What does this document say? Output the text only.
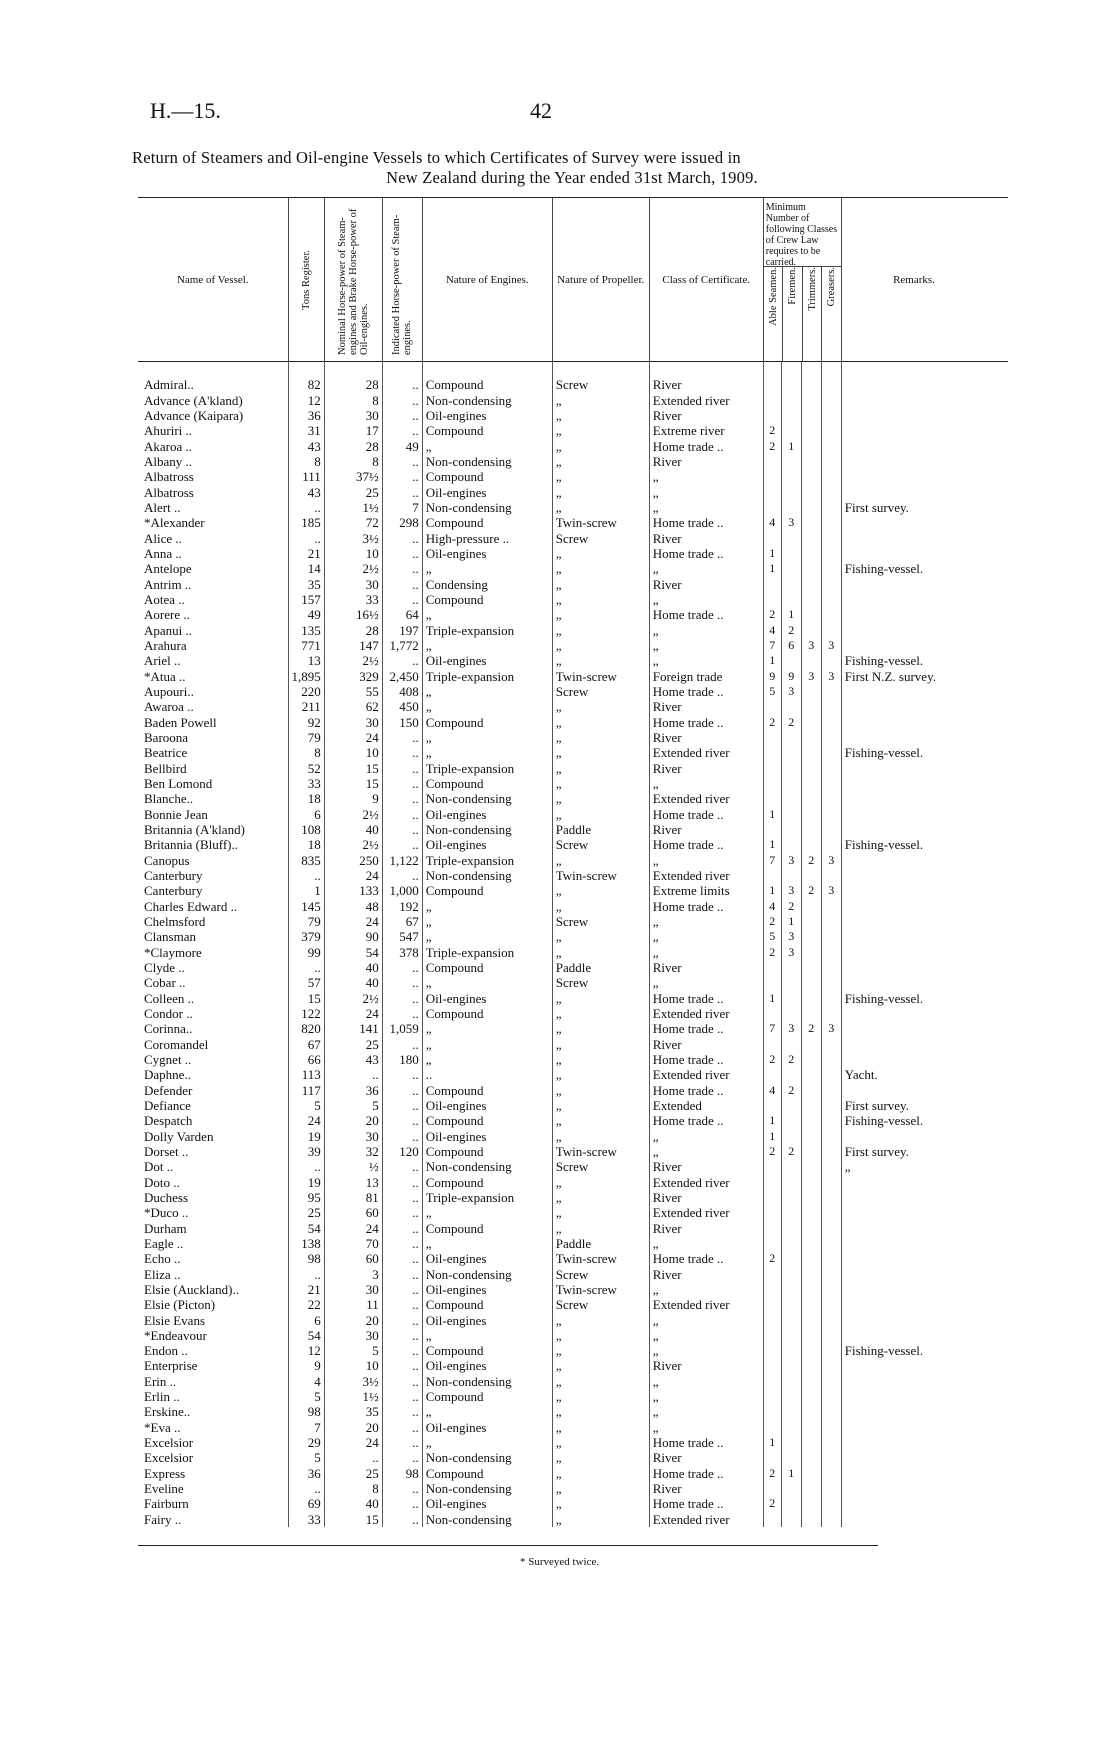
H.—15.	42
Return of Steamers and Oil-engine Vessels to which Certificates of Survey were issued in
New Zealand during the Year ended 31st March, 1909.
Name of Vessel.	Tons Register.	Nominal Horse-power of Steam-engines and Brake Horse-power of Oil-engines.	Indicated Horse-power of Steam-engines.	Nature of Engines.	Nature of Propeller.	Class of Certificate.	Minimum Number of following Classes of Crew Law requires to be carried.
Able Seamen. Firemen. Trimmers. Greasers.				Remarks.

Admiral..	82	28	..	Compound	Screw	River					
Advance (A'kland)	12	8	..	Non-condensing	„	Extended river					
Advance (Kaipara)	36	30	..	Oil-engines	„	River					
Ahuriri ..	31	17	..	Compound	„	Extreme river	2				
Akaroa ..	43	28	49	„	„	Home trade ..	2	1			
Albany ..	8	8	..	Non-condensing	„	River					
Albatross	111	37½	..	Compound	„	„					
Albatross	43	25	..	Oil-engines	„	„					
Alert ..	..	1½	7	Non-condensing	„	„					First survey.
*Alexander	185	72	298	Compound	Twin-screw	Home trade ..	4	3			
Alice ..	..	3½	..	High-pressure ..	Screw	River					
Anna ..	21	10	..	Oil-engines	„	Home trade ..	1				
Antelope	14	2½	..	„	„	„	1				Fishing-vessel.
Antrim ..	35	30	..	Condensing	„	River					
Aotea ..	157	33	..	Compound	„	„					
Aorere ..	49	16½	64	„	„	Home trade ..	2	1			
Apanui ..	135	28	197	Triple-expansion	„	„	4	2			
Arahura	771	147	1,772	„	„	„	7	6	3	3	
Ariel ..	13	2½	..	Oil-engines	„	„	1				Fishing-vessel.
*Atua ..	1,895	329	2,450	Triple-expansion	Twin-screw	Foreign trade	9	9	3	3	First N.Z. survey.
Aupouri..	220	55	408	„	Screw	Home trade ..	5	3			
Awaroa ..	211	62	450	„	„	River					
Baden Powell	92	30	150	Compound	„	Home trade ..	2	2			
Baroona	79	24	..	„	„	River					
Beatrice	8	10	..	„	„	Extended river					Fishing-vessel.
Bellbird	52	15	..	Triple-expansion	„	River					
Ben Lomond	33	15	..	Compound	„	„					
Blanche..	18	9	..	Non-condensing	„	Extended river					
Bonnie Jean	6	2½	..	Oil-engines	„	Home trade ..	1				
Britannia (A'kland)	108	40	..	Non-condensing	Paddle	River					
Britannia (Bluff)..	18	2½	..	Oil-engines	Screw	Home trade ..	1				Fishing-vessel.
Canopus	835	250	1,122	Triple-expansion	„	„	7	3	2	3	
Canterbury	..	24	..	Non-condensing	Twin-screw	Extended river					
Canterbury	1	133	1,000	Compound	„	Extreme limits	1	3	2	3	
Charles Edward ..	145	48	192	„	„	Home trade ..	4	2			
Chelmsford	79	24	67	„	Screw	„	2	1			
Clansman	379	90	547	„	„	„	5	3			
*Claymore	99	54	378	Triple-expansion	„	„	2	3			
Clyde ..	..	40	..	Compound	Paddle	River					
Cobar ..	57	40	..	„	Screw	„					
Colleen ..	15	2½	..	Oil-engines	„	Home trade ..	1				Fishing-vessel.
Condor ..	122	24	..	Compound	„	Extended river					
Corinna..	820	141	1,059	„	„	Home trade ..	7	3	2	3	
Coromandel	67	25	..	„	„	River					
Cygnet ..	66	43	180	„	„	Home trade ..	2	2			
Daphne..	113	..	..	..	„	Extended river					Yacht.
Defender	117	36	..	Compound	„	Home trade ..	4	2			
Defiance	5	5	..	Oil-engines	„	Extended					First survey.
Despatch	24	20	..	Compound	„	Home trade ..	1				Fishing-vessel.
Dolly Varden	19	30	..	Oil-engines	„	„	1				
Dorset ..	39	32	120	Compound	Twin-screw	„	2	2			First survey.
Dot ..	..	½	..	Non-condensing	Screw	River					„
Doto ..	19	13	..	Compound	„	Extended river					
Duchess	95	81	..	Triple-expansion	„	River					
*Duco ..	25	60	..	„	„	Extended river					
Durham	54	24	..	Compound	„	River					
Eagle ..	138	70	..	„	Paddle	„					
Echo ..	98	60	..	Oil-engines	Twin-screw	Home trade ..	2				
Eliza ..	..	3	..	Non-condensing	Screw	River					
Elsie (Auckland)..	21	30	..	Oil-engines	Twin-screw	„					
Elsie (Picton)	22	11	..	Compound	Screw	Extended river					
Elsie Evans	6	20	..	Oil-engines	„	„					
*Endeavour	54	30	..	„	„	„					
Endon ..	12	5	..	Compound	„	„					Fishing-vessel.
Enterprise	9	10	..	Oil-engines	„	River					
Erin ..	4	3½	..	Non-condensing	„	„					
Erlin ..	5	1½	..	Compound	„	„					
Erskine..	98	35	..	„	„	„					
*Eva ..	7	20	..	Oil-engines	„	„					
Excelsior	29	24	..	„	„	Home trade ..	1				
Excelsior	5	..	..	Non-condensing	„	River					
Express	36	25	98	Compound	„	Home trade ..	2	1			
Eveline	..	8	..	Non-condensing	„	River					
Fairburn	69	40	..	Oil-engines	„	Home trade ..	2				
Fairy ..	33	15	..	Non-condensing	„	Extended river					
* Surveyed twice.
